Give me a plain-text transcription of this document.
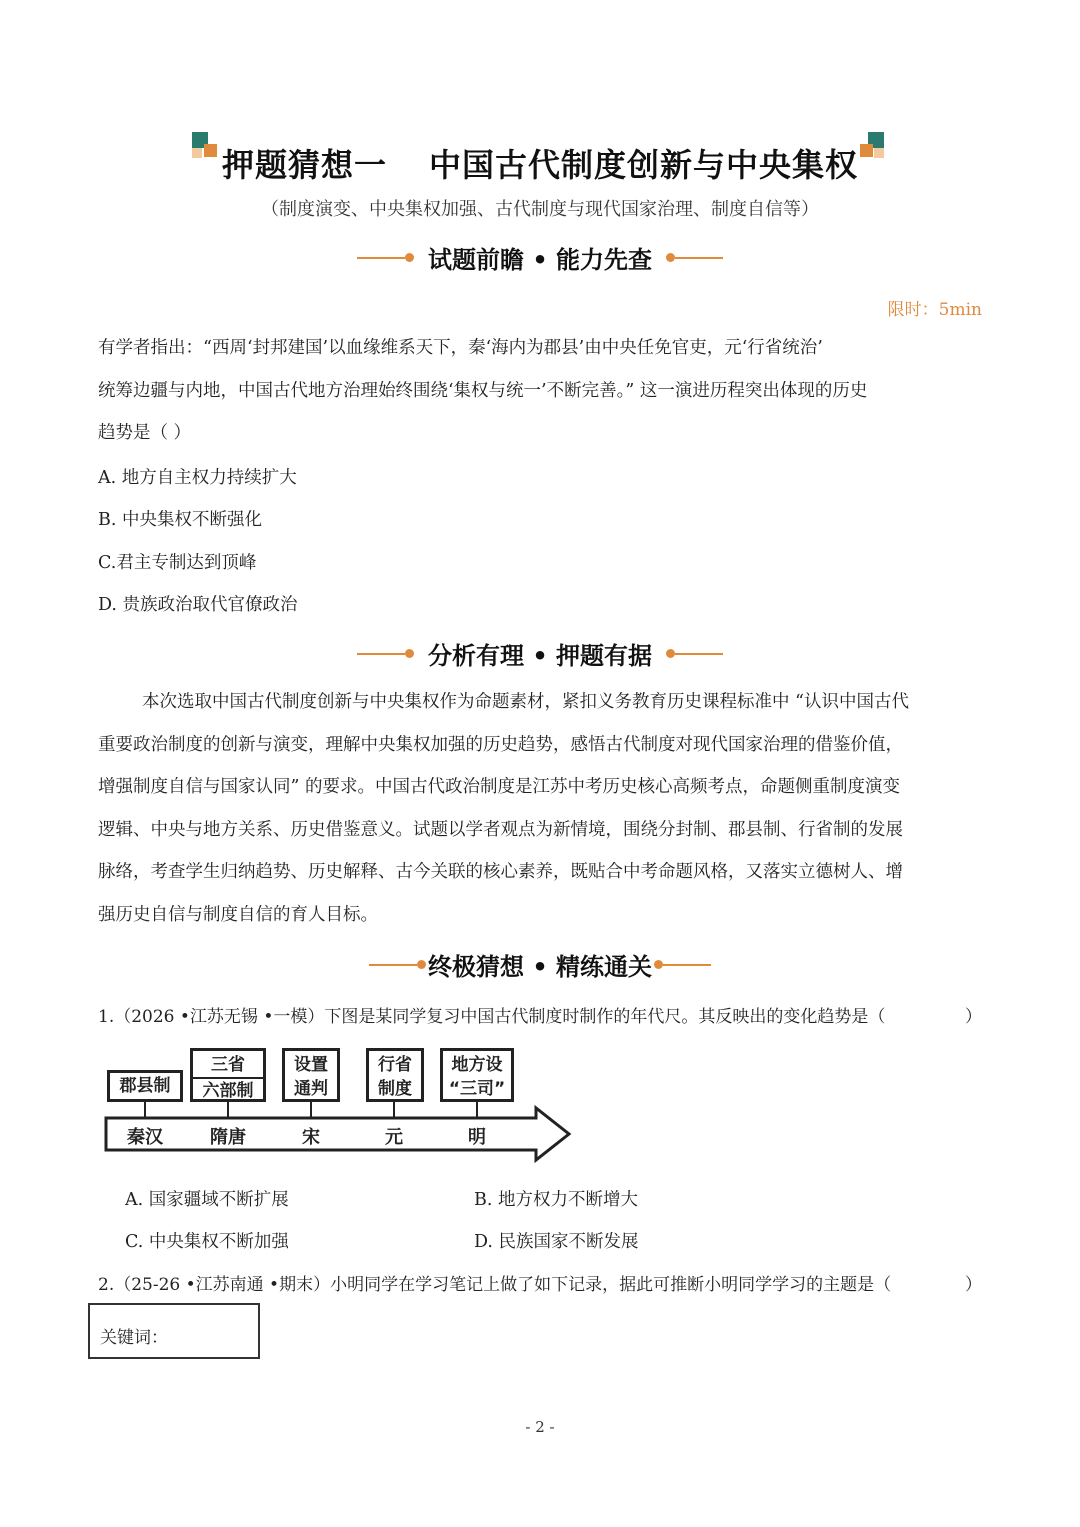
押题猜想一 中国古代制度创新与中央集权
（制度演变、中央集权加强、古代制度与现代国家治理、制度自信等）
试题前瞻 • 能力先查
限时：5min
有学者指出：“西周‘封邦建国’以血缘维系天下，秦‘海内为郡县’由中央任免官吏，元‘行省统治’
统筹边疆与内地，中国古代地方治理始终围绕‘集权与统一’不断完善。” 这一演进历程突出体现的历史
趋势是（ ）
A. 地方自主权力持续扩大
B. 中央集权不断强化
C.君主专制达到顶峰
D. 贵族政治取代官僚政治
分析有理 • 押题有据
本次选取中国古代制度创新与中央集权作为命题素材，紧扣义务教育历史课程标准中 “认识中国古代
重要政治制度的创新与演变，理解中央集权加强的历史趋势，感悟古代制度对现代国家治理的借鉴价值，
增强制度自信与国家认同” 的要求。中国古代政治制度是江苏中考历史核心高频考点，命题侧重制度演变
逻辑、中央与地方关系、历史借鉴意义。试题以学者观点为新情境，围绕分封制、郡县制、行省制的发展
脉络，考查学生归纳趋势、历史解释、古今关联的核心素养，既贴合中考命题风格，又落实立德树人、增
强历史自信与制度自信的育人目标。
终极猜想 • 精练通关
1.（2026 •江苏无锡 •一模）下图是某同学复习中国古代制度时制作的年代尺。其反映出的变化趋势是（	）
郡县制
三省
六部制
设置
通判
行省
制度
地方设
“三司”
秦汉	隋唐	宋	元	明
A. 国家疆域不断扩展	B. 地方权力不断增大
C. 中央集权不断加强	D. 民族国家不断发展
2.（25-26 •江苏南通 •期末）小明同学在学习笔记上做了如下记录，据此可推断小明同学学习的主题是（	）
关键词：
- 2 -
